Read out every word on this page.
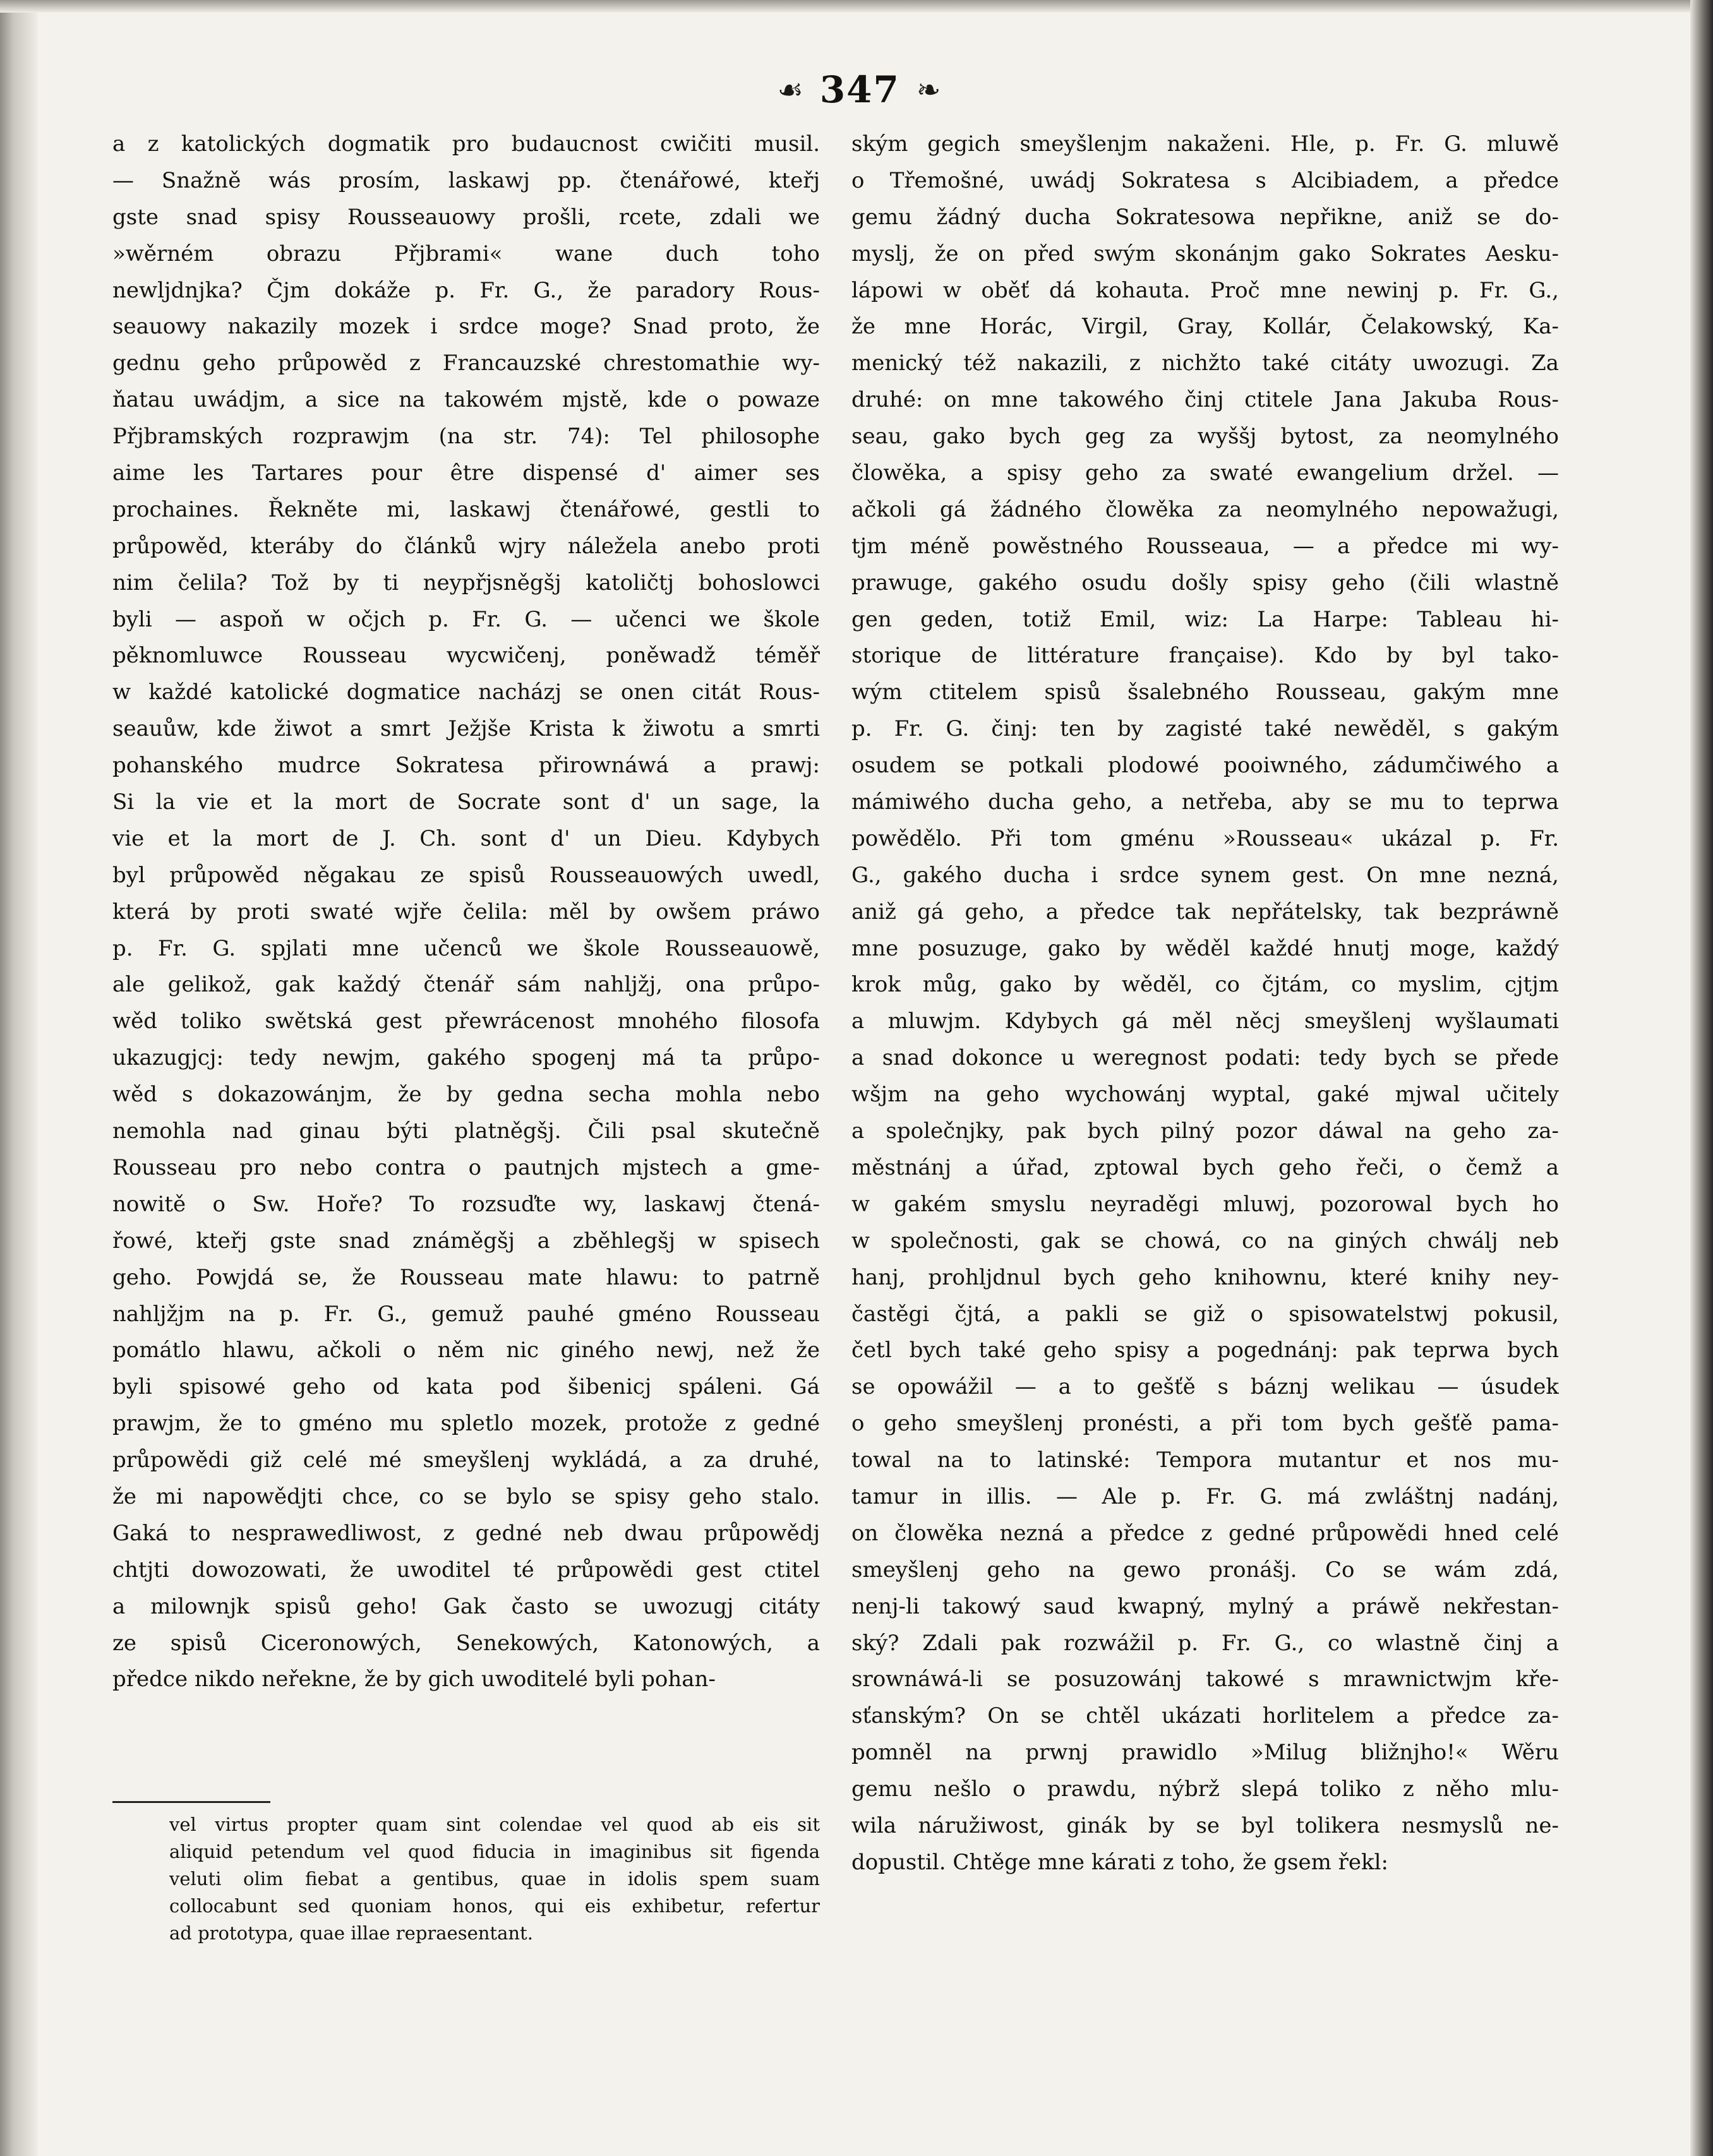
☙ 347 ❧
a z katolických dogmatik pro budaucnost cwičiti musil.
— Snažně wás prosím, laskawj pp. čtenářowé, kteřj
gste snad spisy Rousseauowy prošli, rcete, zdali we
»wěrném obrazu Přjbrami« wane duch toho
newljdnjka? Čjm dokáže p. Fr. G., že paradory Rous-
seauowy nakazily mozek i srdce moge? Snad proto, že
gednu geho průpowěd z Francauzské chrestomathie wy-
ňatau uwádjm, a sice na takowém mjstě, kde o powaze
Přjbramských rozprawjm (na str. 74): Tel philosophe
aime les Tartares pour être dispensé d' aimer ses
prochaines. Řekněte mi, laskawj čtenářowé, gestli to
průpowěd, kteráby do článků wjry náležela anebo proti
nim čelila? Tož by ti neypřjsněgšj katoličtj bohoslowci
byli — aspoň w očjch p. Fr. G. — učenci we škole
pěknomluwce Rousseau wycwičenj, poněwadž téměř
w každé katolické dogmatice nacházj se onen citát Rous-
seauůw, kde žiwot a smrt Ježjše Krista k žiwotu a smrti
pohanského mudrce Sokratesa přirownáwá a prawj:
Si la vie et la mort de Socrate sont d' un sage, la
vie et la mort de J. Ch. sont d' un Dieu. Kdybych
byl průpowěd něgakau ze spisů Rousseauowých uwedl,
která by proti swaté wjře čelila: měl by owšem práwo
p. Fr. G. spjlati mne učenců we škole Rousseauowě,
ale gelikož, gak každý čtenář sám nahljžj, ona průpo-
wěd toliko swětská gest přewrácenost mnohého filosofa
ukazugjcj: tedy newjm, gakého spogenj má ta průpo-
wěd s dokazowánjm, že by gedna secha mohla nebo
nemohla nad ginau býti platněgšj. Čili psal skutečně
Rousseau pro nebo contra o pautnjch mjstech a gme-
nowitě o Sw. Hoře? To rozsuďte wy, laskawj čtená-
řowé, kteřj gste snad známěgšj a zběhlegšj w spisech
geho. Powjdá se, že Rousseau mate hlawu: to patrně
nahljžjm na p. Fr. G., gemuž pauhé gméno Rousseau
pomátlo hlawu, ačkoli o něm nic giného newj, než že
byli spisowé geho od kata pod šibenicj spáleni. Gá
prawjm, že to gméno mu spletlo mozek, protože z gedné
průpowědi giž celé mé smeyšlenj wykládá, a za druhé,
že mi napowědjti chce, co se bylo se spisy geho stalo.
Gaká to nesprawedliwost, z gedné neb dwau průpowědj
chtjti dowozowati, že uwoditel té průpowědi gest ctitel
a milownjk spisů geho! Gak často se uwozugj citáty
ze spisů Ciceronowých, Senekowých, Katonowých, a
předce nikdo neřekne, že by gich uwoditelé byli pohan-
ským gegich smeyšlenjm nakaženi. Hle, p. Fr. G. mluwě
o Třemošné, uwádj Sokratesa s Alcibiadem, a předce
gemu žádný ducha Sokratesowa nepřikne, aniž se do-
myslj, že on před swým skonánjm gako Sokrates Aesku-
lápowi w oběť dá kohauta. Proč mne newinj p. Fr. G.,
že mne Horác, Virgil, Gray, Kollár, Čelakowský, Ka-
menický též nakazili, z nichžto také citáty uwozugi. Za
druhé: on mne takowého činj ctitele Jana Jakuba Rous-
seau, gako bych geg za wyššj bytost, za neomylného
člowěka, a spisy geho za swaté ewangelium držel. —
ačkoli gá žádného člowěka za neomylného nepowažugi,
tjm méně powěstného Rousseaua, — a předce mi wy-
prawuge, gakého osudu došly spisy geho (čili wlastně
gen geden, totiž Emil, wiz: La Harpe: Tableau hi-
storique de littérature française). Kdo by byl tako-
wým ctitelem spisů šsalebného Rousseau, gakým mne
p. Fr. G. činj: ten by zagisté také newěděl, s gakým
osudem se potkali plodowé pooiwného, zádumčiwého a
mámiwého ducha geho, a netřeba, aby se mu to teprwa
powědělo. Při tom gménu »Rousseau« ukázal p. Fr.
G., gakého ducha i srdce synem gest. On mne nezná,
aniž gá geho, a předce tak nepřátelsky, tak bezpráwně
mne posuzuge, gako by wěděl každé hnutj moge, každý
krok můg, gako by wěděl, co čjtám, co myslim, cjtjm
a mluwjm. Kdybych gá měl něcj smeyšlenj wyšlaumati
a snad dokonce u weregnost podati: tedy bych se přede
wšjm na geho wychowánj wyptal, gaké mjwal učitely
a společnjky, pak bych pilný pozor dáwal na geho za-
městnánj a úřad, zptowal bych geho řeči, o čemž a
w gakém smyslu neyraděgi mluwj, pozorowal bych ho
w společnosti, gak se chowá, co na giných chwálj neb
hanj, prohljdnul bych geho knihownu, které knihy ney-
častěgi čjtá, a pakli se giž o spisowatelstwj pokusil,
četl bych také geho spisy a pogednánj: pak teprwa bych
se opowážil — a to gešťě s báznj welikau — úsudek
o geho smeyšlenj pronésti, a při tom bych gešťě pama-
towal na to latinské: Tempora mutantur et nos mu-
tamur in illis. — Ale p. Fr. G. má zwláštnj nadánj,
on člowěka nezná a předce z gedné průpowědi hned celé
smeyšlenj geho na gewo pronášj. Co se wám zdá,
nenj-li takowý saud kwapný, mylný a práwě nekřestan-
ský? Zdali pak rozwážil p. Fr. G., co wlastně činj a
srownáwá-li se posuzowánj takowé s mrawnictwjm kře-
sťanským? On se chtěl ukázati horlitelem a předce za-
pomněl na prwnj prawidlo »Milug bližnjho!« Wěru
gemu nešlo o prawdu, nýbrž slepá toliko z něho mlu-
wila náružiwost, ginák by se byl tolikera nesmyslů ne-
dopustil. Chtěge mne kárati z toho, že gsem řekl:
vel virtus propter quam sint colendae vel quod ab eis sit
aliquid petendum vel quod fiducia in imaginibus sit figenda
veluti olim fiebat a gentibus, quae in idolis spem suam
collocabunt sed quoniam honos, qui eis exhibetur, refertur
ad prototypa, quae illae repraesentant.
